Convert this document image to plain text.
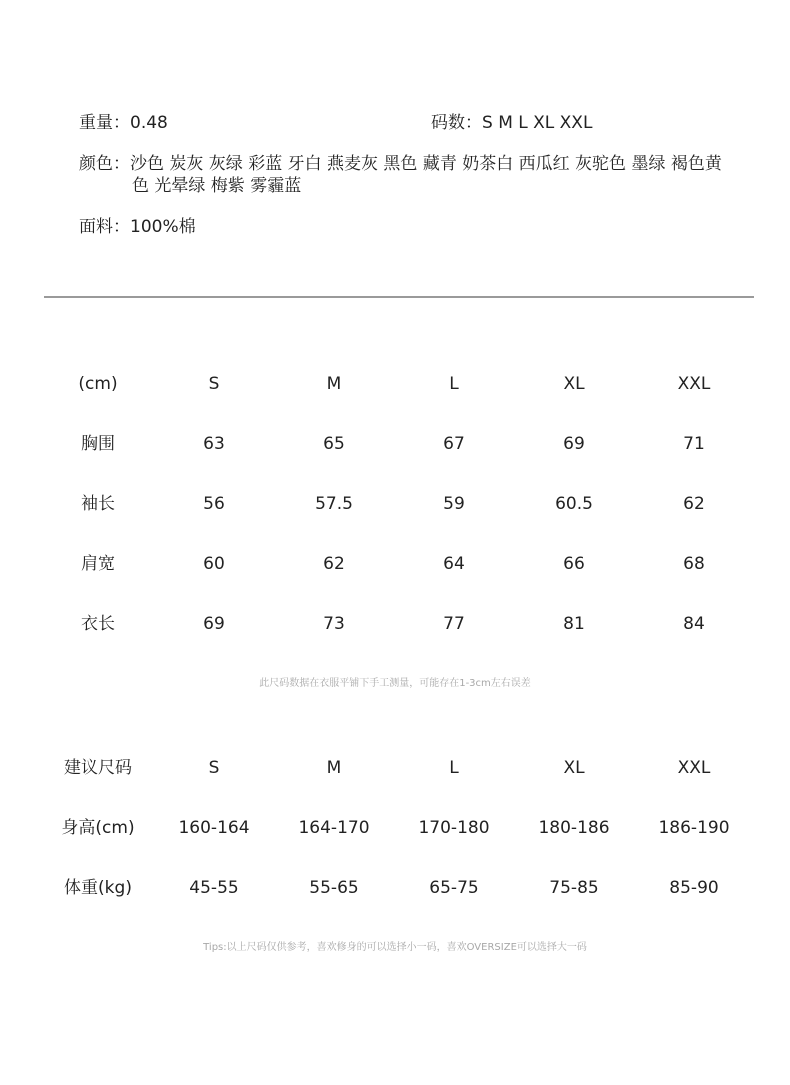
重量：0.48	码数：S M L XL XXL
颜色：沙色 炭灰 灰绿 彩蓝 牙白 燕麦灰 黑色 藏青 奶茶白 西瓜红 灰驼色 墨绿 褐色黄
色 光晕绿 梅紫 雾霾蓝
面料：100%棉
(cm)	S	M	L	XL	XXL
胸围	63	65	67	69	71
袖长	56	57.5	59	60.5	62
肩宽	60	62	64	66	68
衣长	69	73	77	81	84
此尺码数据在衣服平铺下手工测量，可能存在1-3cm左右误差
建议尺码	S	M	L	XL	XXL
身高(cm)	160-164	164-170	170-180	180-186	186-190
体重(kg)	45-55	55-65	65-75	75-85	85-90
Tips:以上尺码仅供参考，喜欢修身的可以选择小一码，喜欢OVERSIZE可以选择大一码
